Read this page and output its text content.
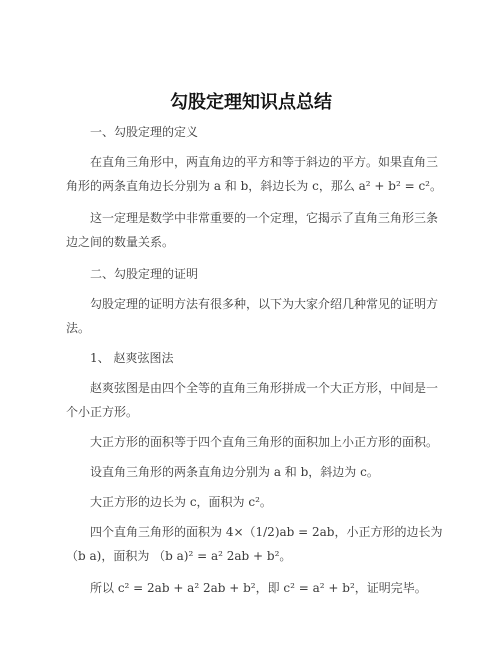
勾股定理知识点总结

一、勾股定理的定义

在直角三角形中，两直角边的平方和等于斜边的平方。如果直角三

角形的两条直角边长分别为 a 和 b，斜边长为 c，那么 a² + b² = c²。

这一定理是数学中非常重要的一个定理，它揭示了直角三角形三条

边之间的数量关系。

二、勾股定理的证明

勾股定理的证明方法有很多种，以下为大家介绍几种常见的证明方

法。

1、 赵爽弦图法

赵爽弦图是由四个全等的直角三角形拼成一个大正方形，中间是一

个小正方形。

大正方形的面积等于四个直角三角形的面积加上小正方形的面积。

设直角三角形的两条直角边分别为 a 和 b，斜边为 c。

大正方形的边长为 c，面积为 c²。

四个直角三角形的面积为 4×（1/2)ab = 2ab，小正方形的边长为

（b a)，面积为 （b a)² = a² 2ab + b²。

所以 c² = 2ab + a² 2ab + b²，即 c² = a² + b²，证明完毕。
